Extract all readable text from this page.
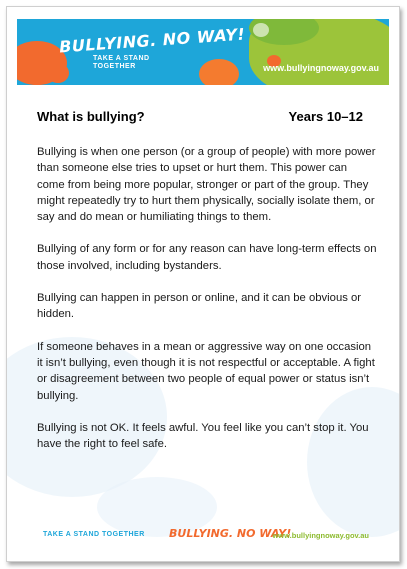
BULLYING. NO WAY!
TAKE A STAND TOGETHER	www.bullyingnoway.gov.au
What is bullying?	Years 10–12

Bullying is when one person (or a group of people) with more power than someone else tries to upset or hurt them. This power can come from being more popular, stronger or part of the group. They might repeatedly try to hurt them physically, socially isolate them, or say and do mean or humiliating things to them.

Bullying of any form or for any reason can have long-term effects on those involved, including bystanders.

Bullying can happen in person or online, and it can be obvious or hidden.

If someone behaves in a mean or aggressive way on one occasion it isn’t bullying, even though it is not respectful or acceptable. A fight or disagreement between two people of equal power or status isn’t bullying.

Bullying is not OK. It feels awful. You feel like you can’t stop it. You have the right to feel safe.

TAKE A STAND TOGETHER BULLYING. NO WAY!
www.bullyingnoway.gov.au
